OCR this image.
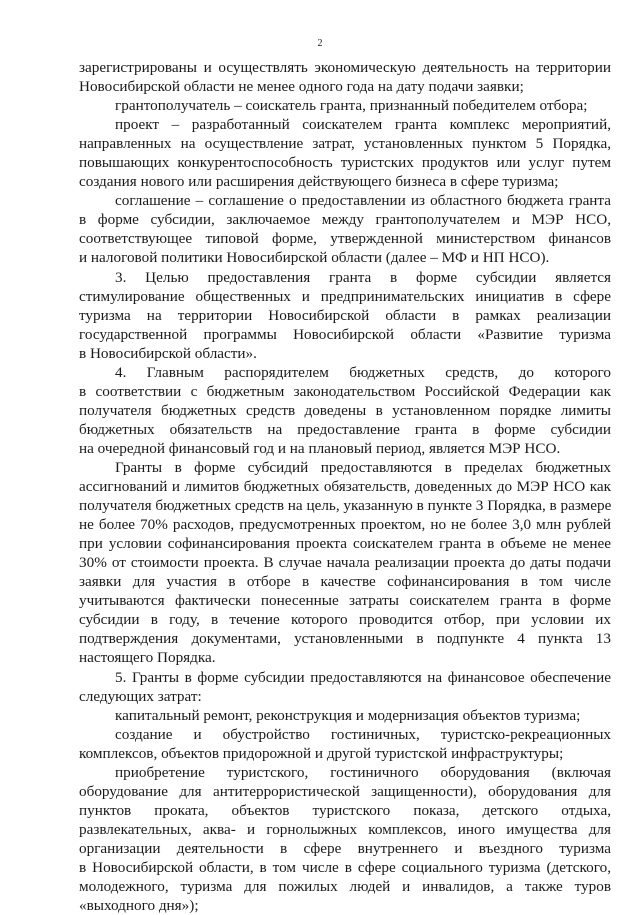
2
зарегистрированы и осуществлять экономическую деятельность на территории
Новосибирской области не менее одного года на дату подачи заявки;
грантополучатель – соискатель гранта, признанный победителем отбора;
проект – разработанный соискателем гранта комплекс мероприятий,
направленных на осуществление затрат, установленных пунктом 5 Порядка,
повышающих конкурентоспособность туристских продуктов или услуг путем
создания нового или расширения действующего бизнеса в сфере туризма;
соглашение – соглашение о предоставлении из областного бюджета гранта
в форме субсидии, заключаемое между грантополучателем и МЭР НСО,
соответствующее типовой форме, утвержденной министерством финансов
и налоговой политики Новосибирской области (далее – МФ и НП НСО).
3. Целью предоставления гранта в форме субсидии является
стимулирование общественных и предпринимательских инициатив в сфере
туризма на территории Новосибирской области в рамках реализации
государственной программы Новосибирской области «Развитие туризма
в Новосибирской области».
4. Главным распорядителем бюджетных средств, до которого
в соответствии с бюджетным законодательством Российской Федерации как
получателя бюджетных средств доведены в установленном порядке лимиты
бюджетных обязательств на предоставление гранта в форме субсидии
на очередной финансовый год и на плановый период, является МЭР НСО.
Гранты в форме субсидий предоставляются в пределах бюджетных
ассигнований и лимитов бюджетных обязательств, доведенных до МЭР НСО как
получателя бюджетных средств на цель, указанную в пункте 3 Порядка, в размере
не более 70% расходов, предусмотренных проектом, но не более 3,0 млн рублей
при условии софинансирования проекта соискателем гранта в объеме не менее
30% от стоимости проекта. В случае начала реализации проекта до даты подачи
заявки для участия в отборе в качестве софинансирования в том числе
учитываются фактически понесенные затраты соискателем гранта в форме
субсидии в году, в течение которого проводится отбор, при условии их
подтверждения документами, установленными в подпункте 4 пункта 13
настоящего Порядка.
5. Гранты в форме субсидии предоставляются на финансовое обеспечение
следующих затрат:
капитальный ремонт, реконструкция и модернизация объектов туризма;
создание и обустройство гостиничных, туристско-рекреационных
комплексов, объектов придорожной и другой туристской инфраструктуры;
приобретение туристского, гостиничного оборудования (включая
оборудование для антитеррористической защищенности), оборудования для
пунктов проката, объектов туристского показа, детского отдыха,
развлекательных, аква- и горнолыжных комплексов, иного имущества для
организации деятельности в сфере внутреннего и въездного туризма
в Новосибирской области, в том числе в сфере социального туризма (детского,
молодежного, туризма для пожилых людей и инвалидов, а также туров
«выходного дня»);
